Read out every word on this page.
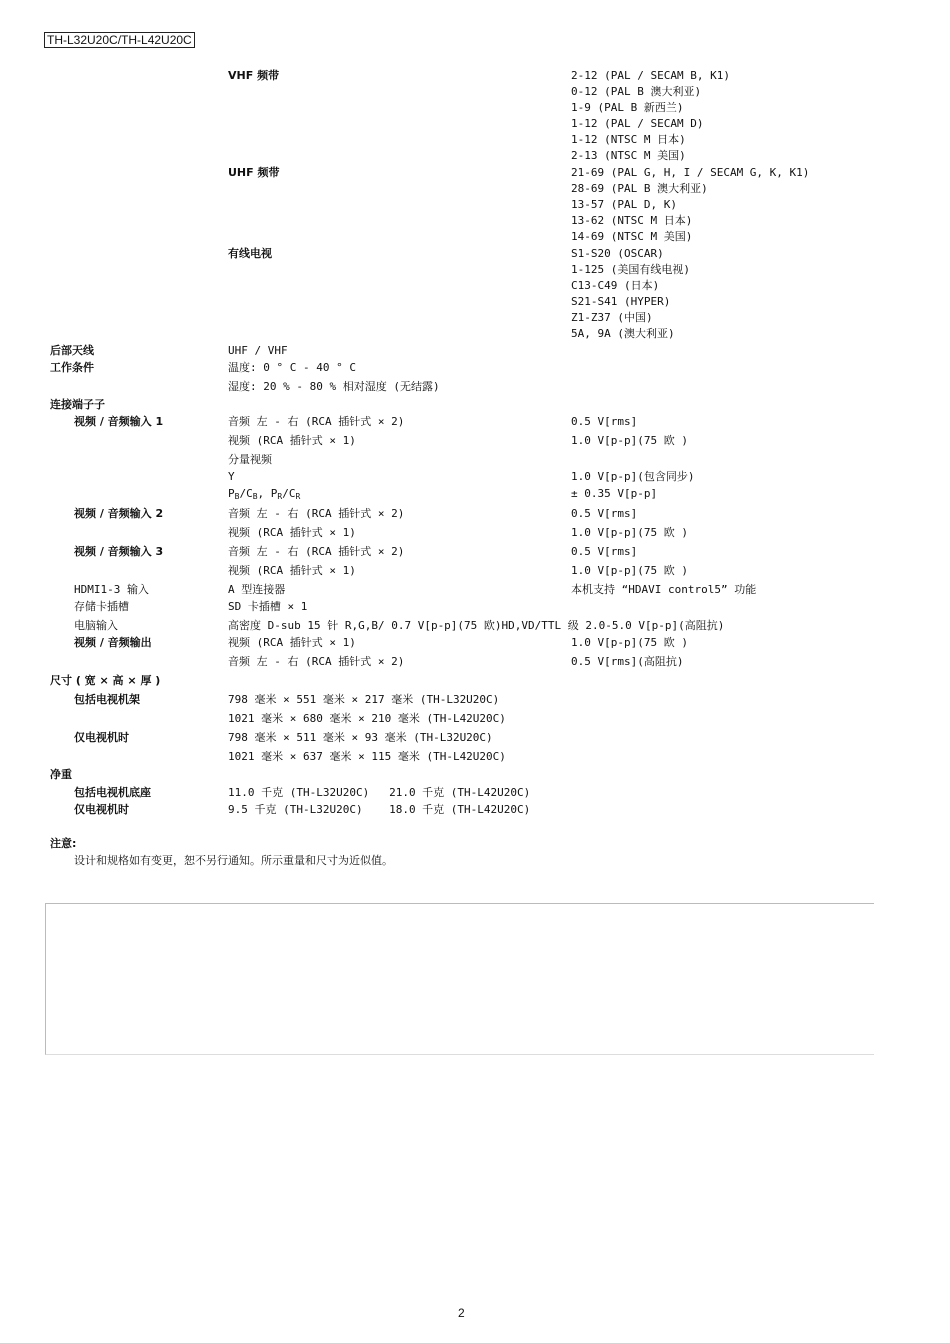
TH-L32U20C/TH-L42U20C
VHF 频带	2-12 (PAL / SECAM B, K1)
0-12 (PAL B 澳大利亚)
1-9 (PAL B 新西兰)
1-12 (PAL / SECAM D)
1-12 (NTSC M 日本)
2-13 (NTSC M 美国)
UHF 频带	21-69 (PAL G, H, I / SECAM G, K, K1)
28-69 (PAL B 澳大利亚)
13-57 (PAL D, K)
13-62 (NTSC M 日本)
14-69 (NTSC M 美国)
有线电视	S1-S20 (OSCAR)
1-125 (美国有线电视)
C13-C49 (日本)
S21-S41 (HYPER)
Z1-Z37 (中国)
5A, 9A (澳大利亚)
后部天线	UHF / VHF
工作条件	温度: 0 ° C - 40 ° C
湿度: 20 % - 80 % 相对湿度 (无结露)
连接端子子
视频 / 音频输入 1	音频 左 - 右 (RCA 插针式 × 2)	0.5 V[rms]
视频 (RCA 插针式 × 1)	1.0 V[p-p](75 欧 )
分量视频
Y	1.0 V[p-p](包含同步)
PB/CB, PR/CR	± 0.35 V[p-p]
视频 / 音频输入 2	音频 左 - 右 (RCA 插针式 × 2)	0.5 V[rms]
视频 (RCA 插针式 × 1)	1.0 V[p-p](75 欧 )
视频 / 音频输入 3	音频 左 - 右 (RCA 插针式 × 2)	0.5 V[rms]
视频 (RCA 插针式 × 1)	1.0 V[p-p](75 欧 )
HDMI1-3 输入	A 型连接器	本机支持 “HDAVI control5” 功能
存储卡插槽	SD 卡插槽 × 1
电脑输入	高密度 D-sub 15 针 R,G,B/ 0.7 V[p-p](75 欧)HD,VD/TTL 级 2.0-5.0 V[p-p](高阻抗)
视频 / 音频输出	视频 (RCA 插针式 × 1)	1.0 V[p-p](75 欧 )
音频 左 - 右 (RCA 插针式 × 2)	0.5 V[rms](高阻抗)
尺寸 ( 宽 × 高 × 厚 )
包括电视机架	798 毫米 × 551 毫米 × 217 毫米 (TH-L32U20C)
1021 毫米 × 680 毫米 × 210 毫米 (TH-L42U20C)
仅电视机时	798 毫米 × 511 毫米 × 93 毫米 (TH-L32U20C)
1021 毫米 × 637 毫米 × 115 毫米 (TH-L42U20C)
净重
包括电视机底座	11.0 千克 (TH-L32U20C)   21.0 千克 (TH-L42U20C)
仅电视机时	9.5 千克 (TH-L32U20C)    18.0 千克 (TH-L42U20C)
注意:
设计和规格如有变更，恕不另行通知。所示重量和尺寸为近似值。
2
